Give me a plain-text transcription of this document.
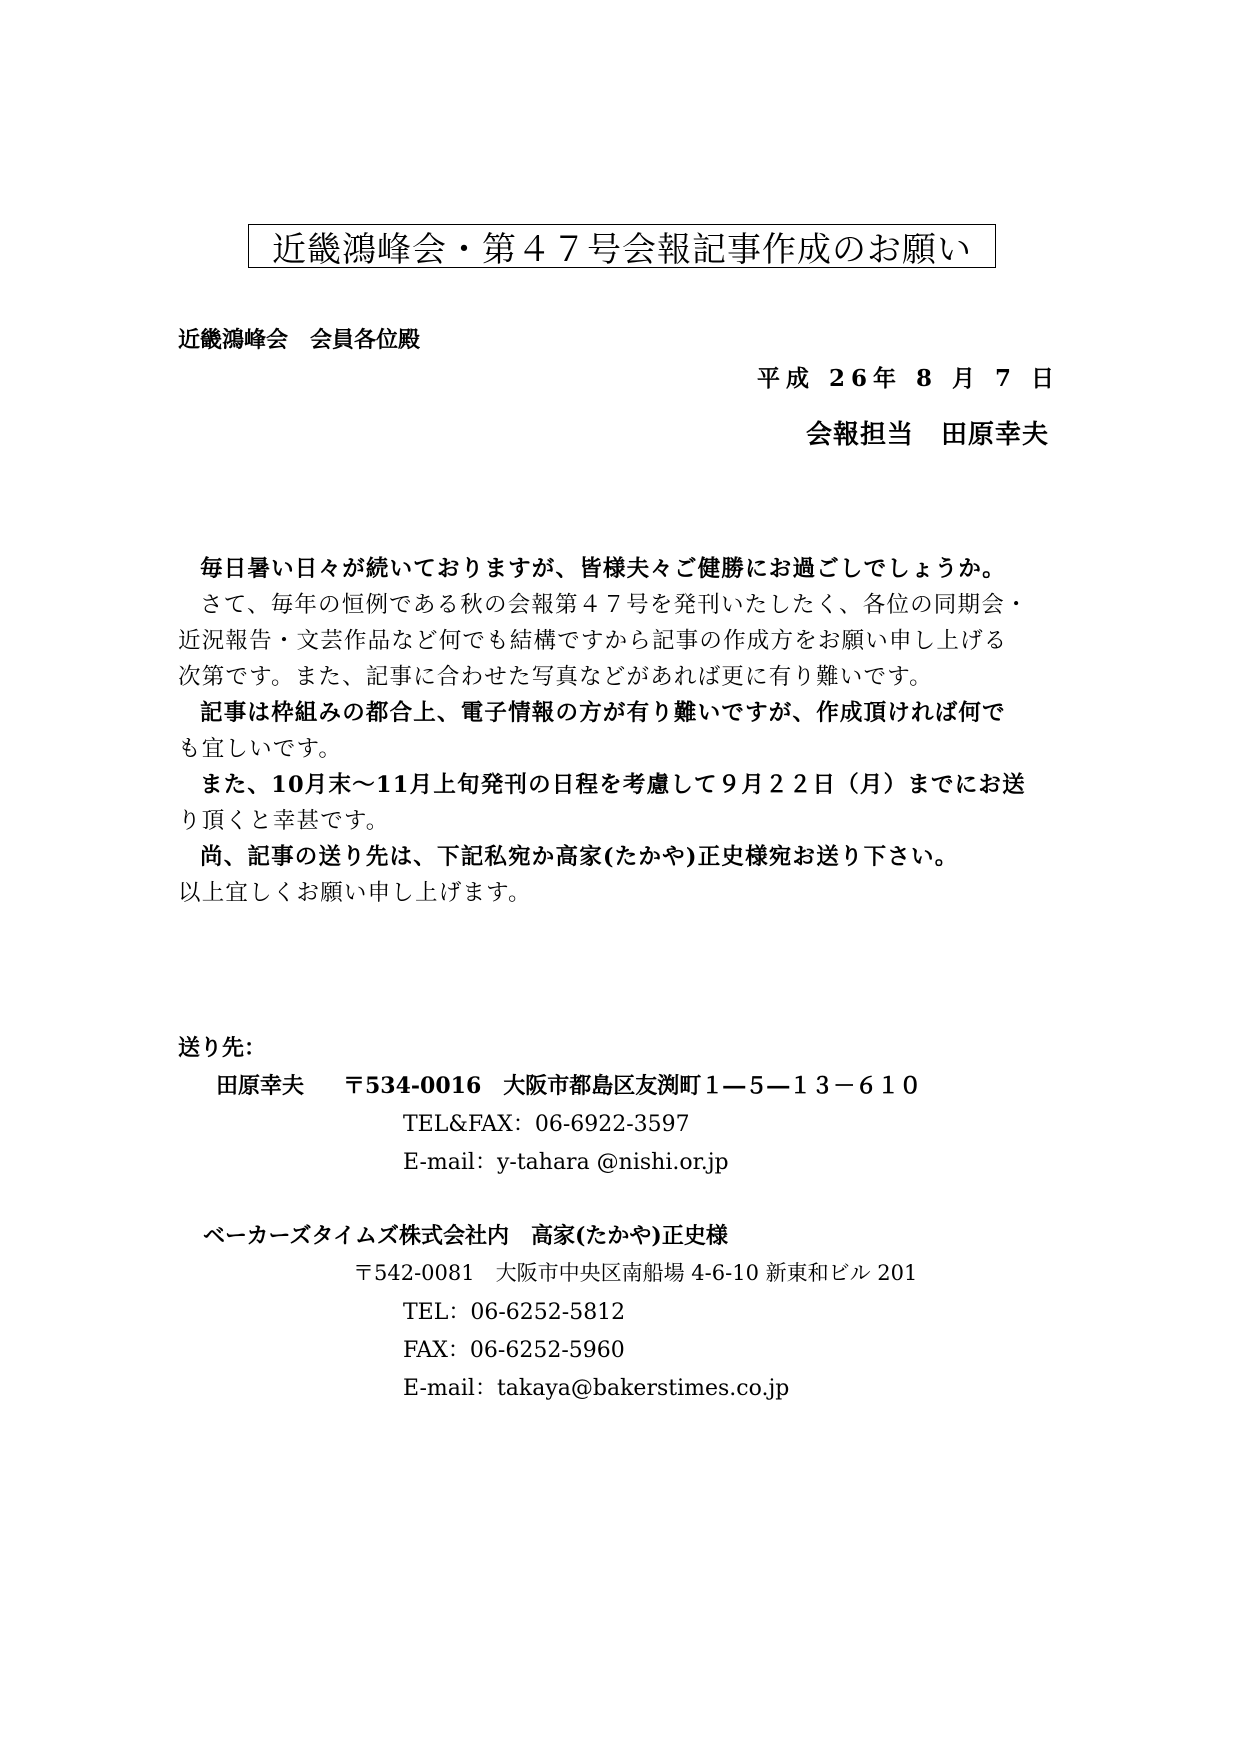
近畿鴻峰会・第４７号会報記事作成のお願い
近畿鴻峰会　会員各位殿
平成 26年 8 月 7 日
会報担当　田原幸夫
毎日暑い日々が続いておりますが、皆様夫々ご健勝にお過ごしでしょうか。
さて、毎年の恒例である秋の会報第４７号を発刊いたしたく、各位の同期会・
近況報告・文芸作品など何でも結構ですから記事の作成方をお願い申し上げる
次第です。また、記事に合わせた写真などがあれば更に有り難いです。
記事は枠組みの都合上、電子情報の方が有り難いですが、作成頂ければ何で
も宜しいです。
また、10月末～11月上旬発刊の日程を考慮して９月２２日（月）までにお送
り頂くと幸甚です。
尚、記事の送り先は、下記私宛か高家(たかや)正史様宛お送り下さい。
以上宜しくお願い申し上げます。
送り先：
田原幸夫 〒534-0016　大阪市都島区友渕町１―５―１３－６１０
TEL&FAX：06-6922-3597
E-mail：y-tahara @nishi.or.jp
ベーカーズタイムズ株式会社内　高家(たかや)正史様
〒542-0081　大阪市中央区南船場 4-6-10 新東和ビル 201
TEL：06-6252-5812
FAX：06-6252-5960
E-mail：takaya@bakerstimes.co.jp
